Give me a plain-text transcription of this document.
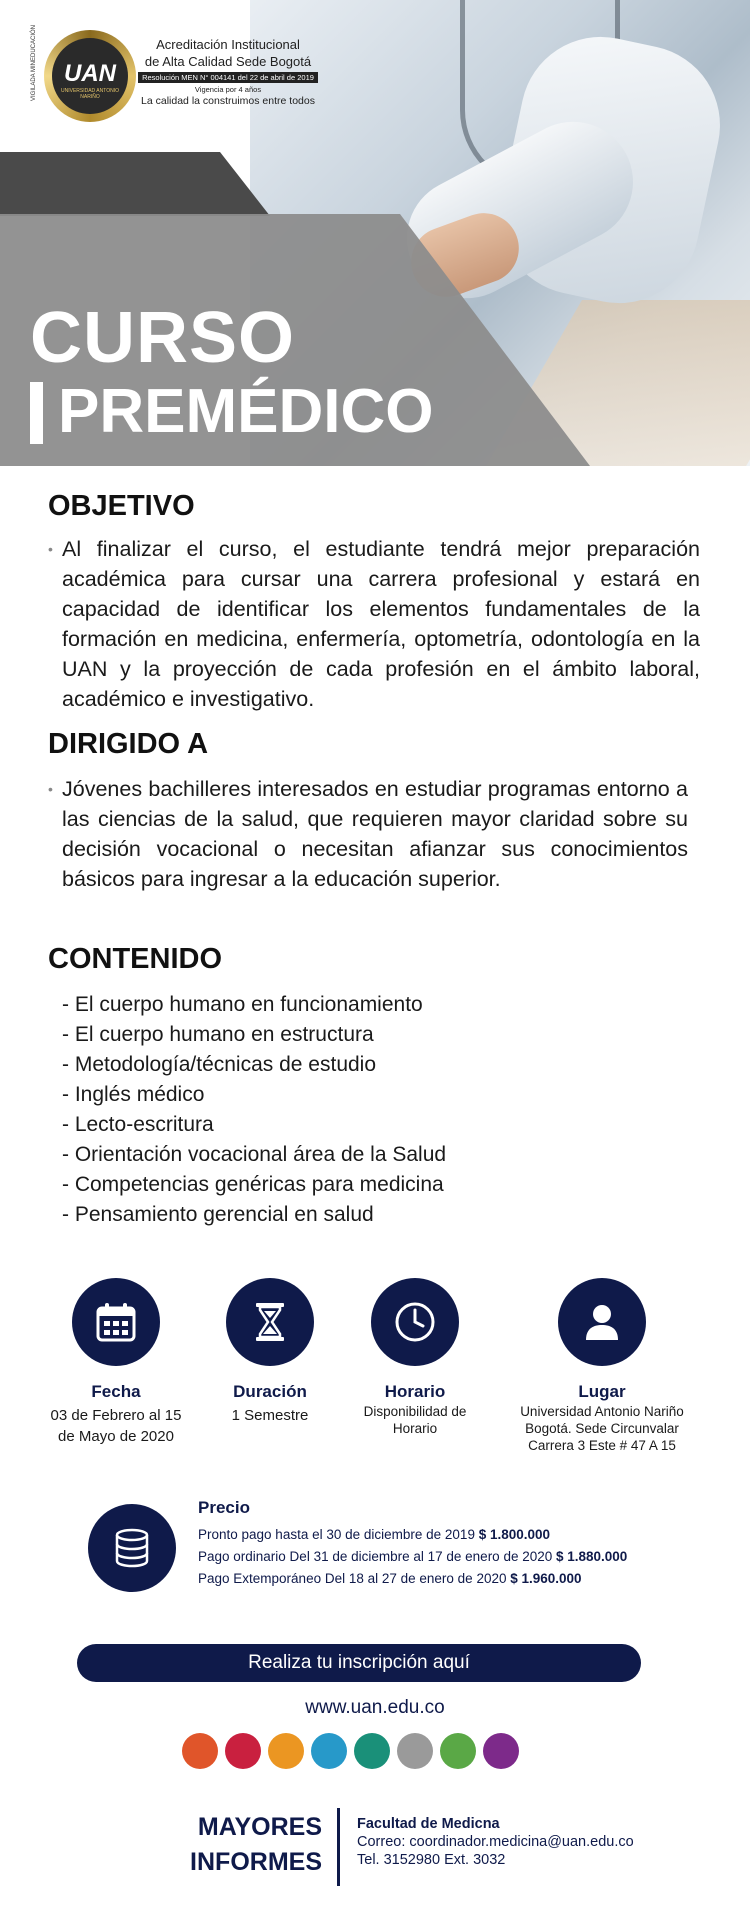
VIGILADA MINEDUCACIÓN	UAN
UNIVERSIDAD ANTONIO NARIÑO
Acreditación Institucional
de Alta Calidad Sede Bogotá
Resolución MEN N° 004141 del 22 de abril de 2019
Vigencia por 4 años
La calidad la construimos entre todos
CURSO
PREMÉDICO
OBJETIVO
• Al finalizar el curso, el estudiante tendrá mejor preparación académica para cursar una carrera profesional y estará en capacidad de identificar los elementos fundamentales de la formación en medicina, enfermería, optometría, odontología en la UAN y la proyección de cada profesión en el ámbito laboral, académico e investigativo.
DIRIGIDO A
• Jóvenes bachilleres interesados en estudiar programas entorno a las ciencias de la salud, que requieren mayor claridad sobre su decisión vocacional o necesitan afianzar sus conocimientos básicos para ingresar a la educación superior.
CONTENIDO
- El cuerpo humano en funcionamiento
- El cuerpo humano en estructura
- Metodología/técnicas de estudio
- Inglés médico
- Lecto-escritura
- Orientación vocacional área de la Salud
- Competencias genéricas para medicina
- Pensamiento gerencial en salud
Fecha
03 de Febrero al 15 de Mayo de 2020
Duración
1 Semestre
Horario
Disponibilidad de Horario
Lugar
Universidad Antonio Nariño
Bogotá. Sede Circunvalar
Carrera 3 Este # 47 A 15
Precio
Pronto pago hasta el 30 de diciembre de 2019 $ 1.800.000
Pago ordinario Del 31 de diciembre al 17 de enero de 2020 $ 1.880.000
Pago Extemporáneo Del 18 al 27 de enero de 2020 $ 1.960.000
Realiza tu inscripción aquí
www.uan.edu.co
MAYORES
INFORMES
Facultad de Medicna
Correo: coordinador.medicina@uan.edu.co
Tel. 3152980 Ext. 3032
